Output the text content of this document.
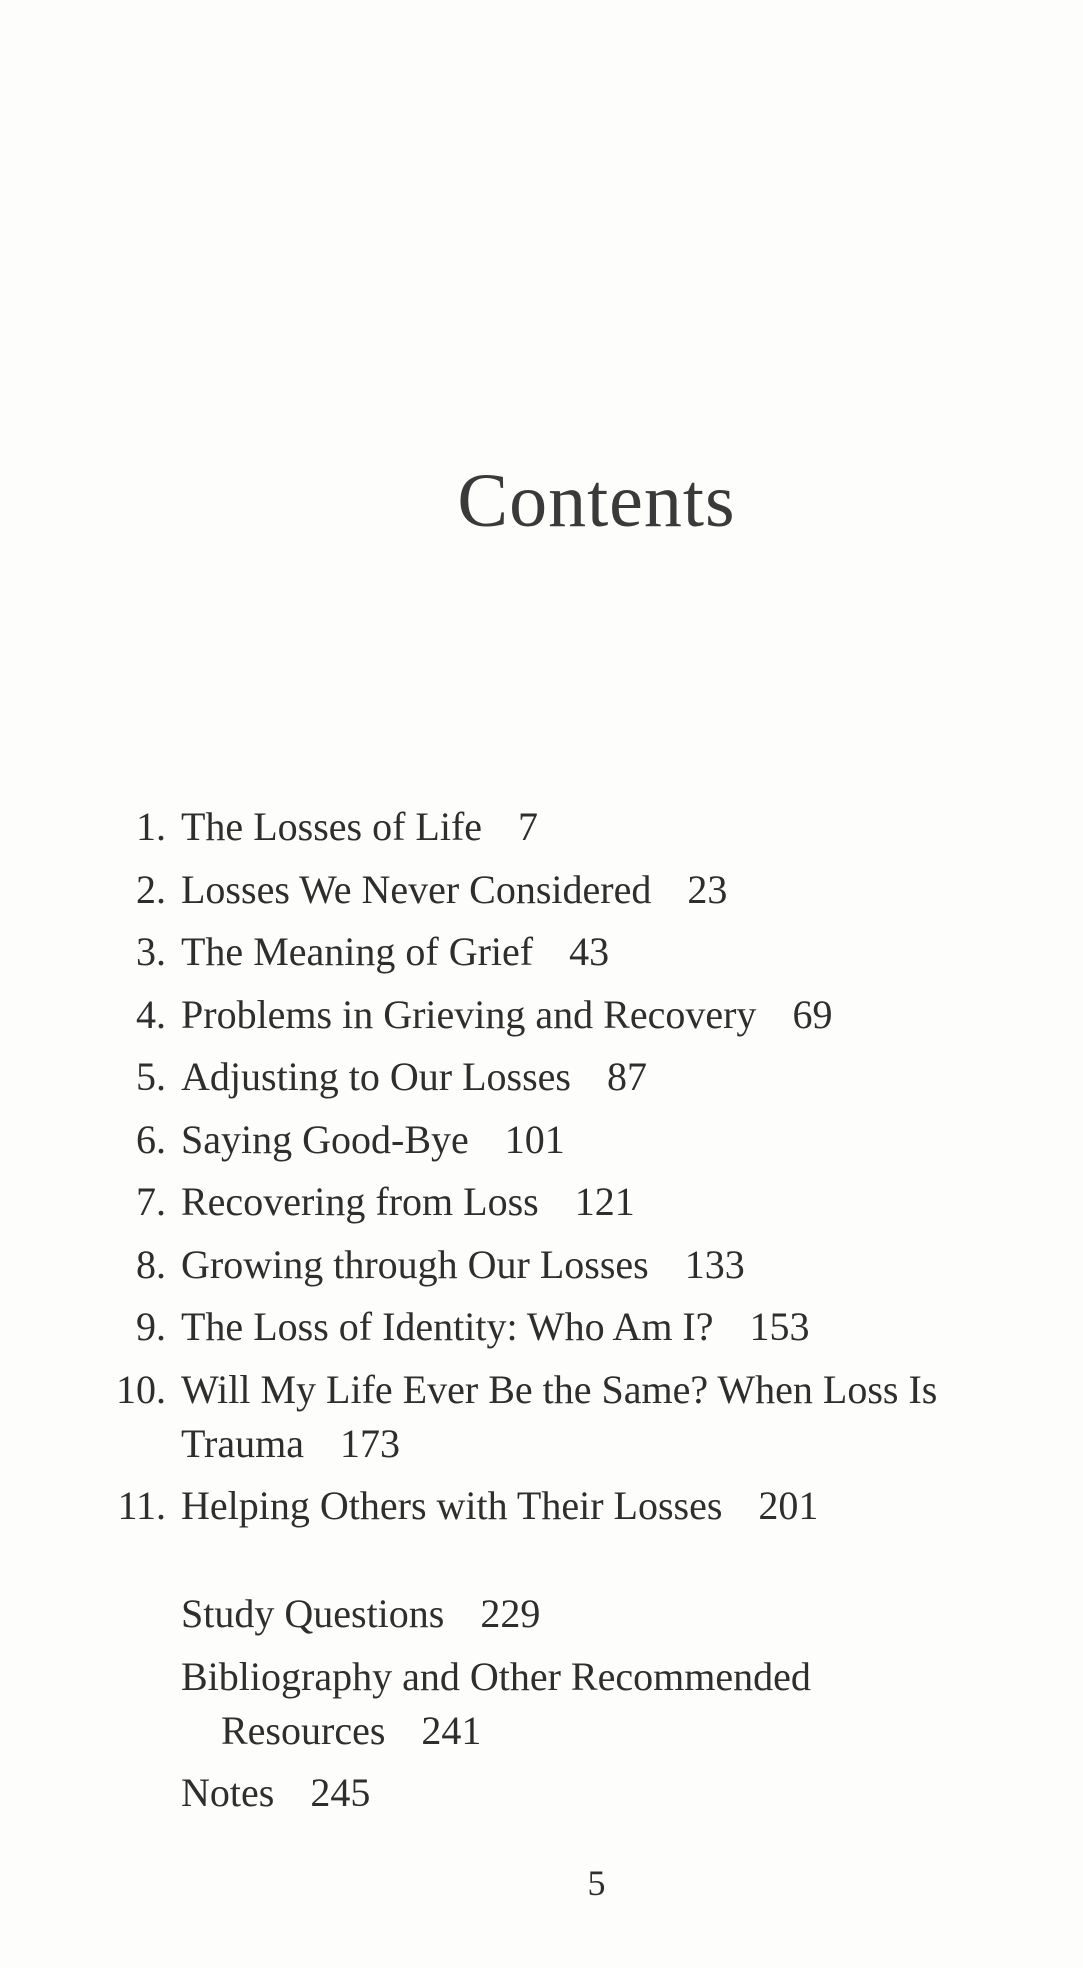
Contents
1. The Losses of Life 7
2. Losses We Never Considered 23
3. The Meaning of Grief 43
4. Problems in Grieving and Recovery 69
5. Adjusting to Our Losses 87
6. Saying Good-Bye 101
7. Recovering from Loss 121
8. Growing through Our Losses 133
9. The Loss of Identity: Who Am I? 153
10. Will My Life Ever Be the Same? When Loss Is
Trauma 173
11. Helping Others with Their Losses 201
Study Questions 229
Bibliography and Other Recommended
Resources 241
Notes 245
5
